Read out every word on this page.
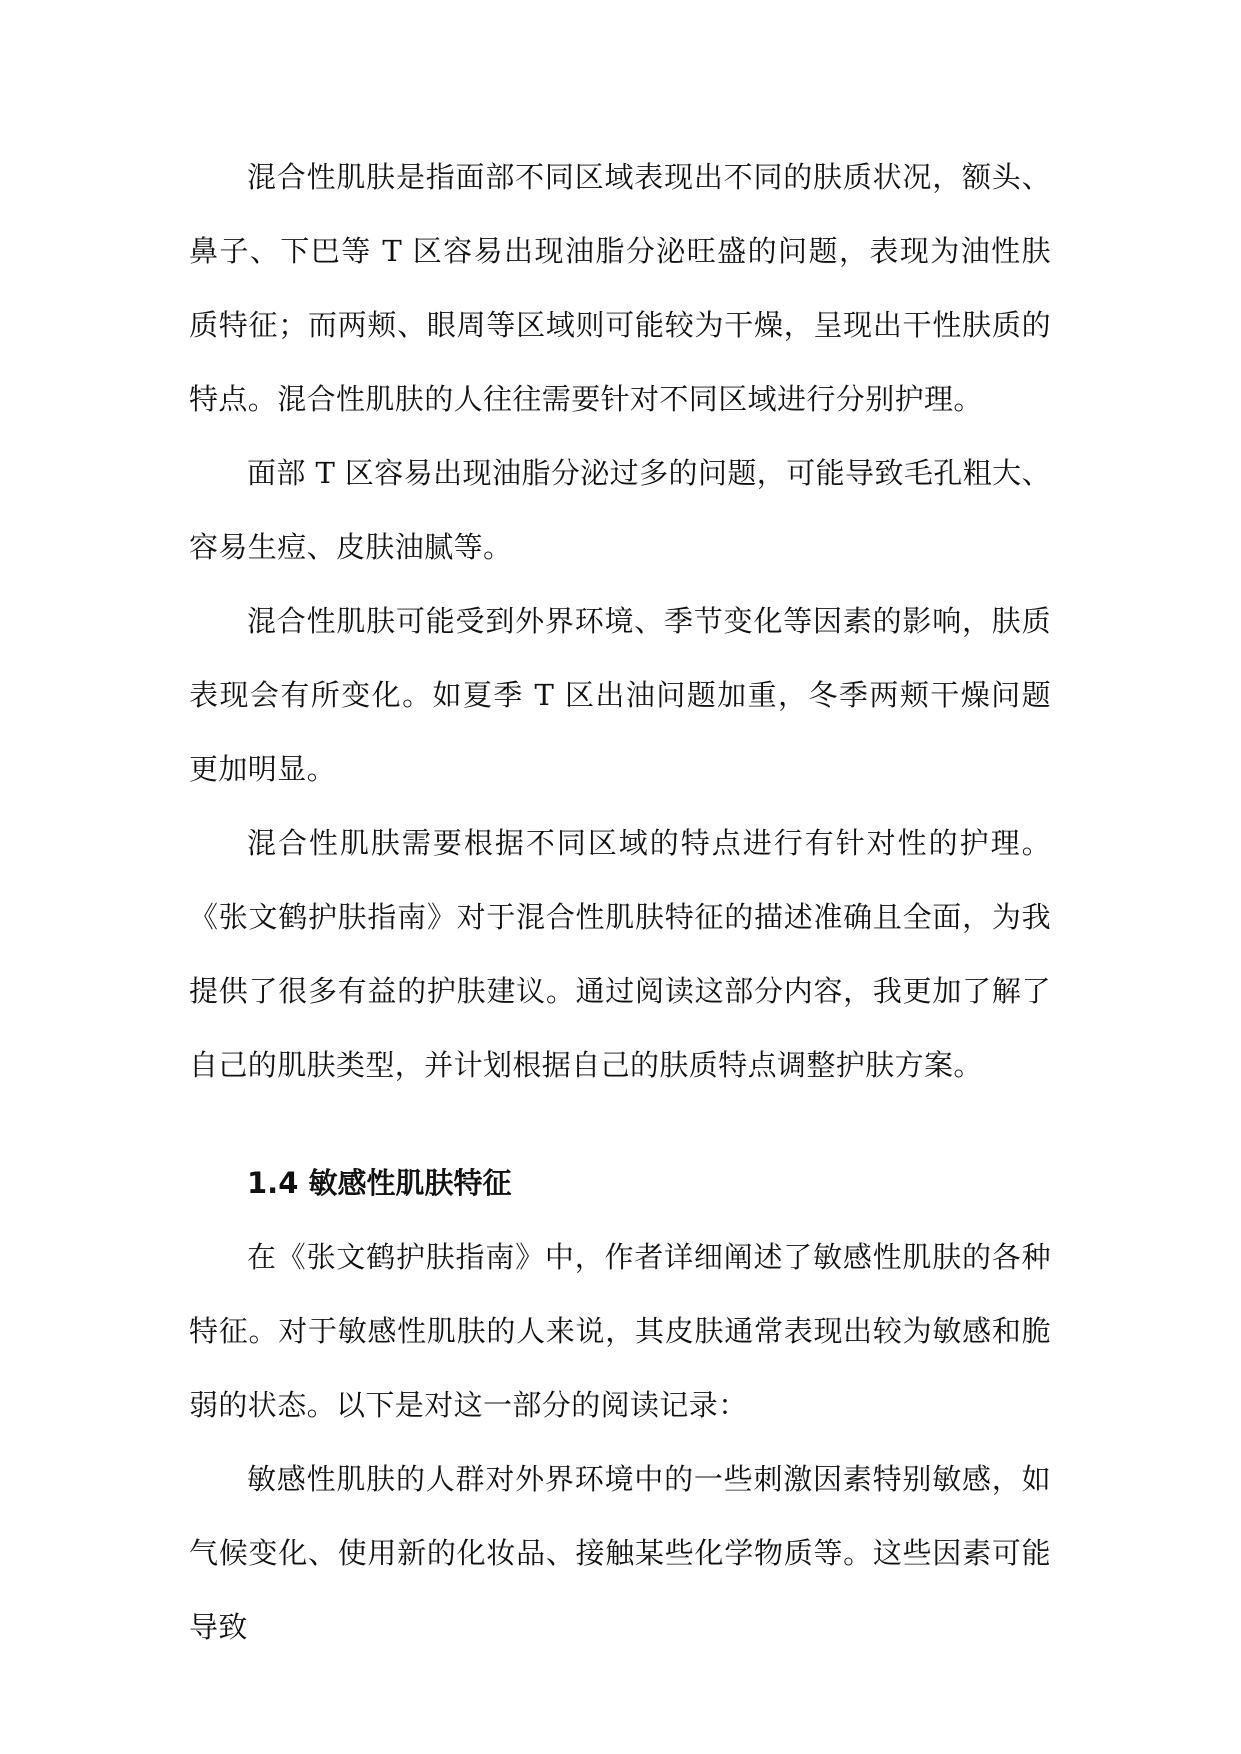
混合性肌肤是指面部不同区域表现出不同的肤质状况，额头、鼻子、下巴等 T 区容易出现油脂分泌旺盛的问题，表现为油性肤质特征；而两颊、眼周等区域则可能较为干燥，呈现出干性肤质的特点。混合性肌肤的人往往需要针对不同区域进行分别护理。

面部 T 区容易出现油脂分泌过多的问题，可能导致毛孔粗大、容易生痘、皮肤油腻等。

混合性肌肤可能受到外界环境、季节变化等因素的影响，肤质表现会有所变化。如夏季 T 区出油问题加重，冬季两颊干燥问题更加明显。

混合性肌肤需要根据不同区域的特点进行有针对性的护理。《张文鹤护肤指南》对于混合性肌肤特征的描述准确且全面，为我提供了很多有益的护肤建议。通过阅读这部分内容，我更加了解了自己的肌肤类型，并计划根据自己的肤质特点调整护肤方案。

1.4 敏感性肌肤特征

在《张文鹤护肤指南》中，作者详细阐述了敏感性肌肤的各种特征。对于敏感性肌肤的人来说，其皮肤通常表现出较为敏感和脆弱的状态。以下是对这一部分的阅读记录：

敏感性肌肤的人群对外界环境中的一些刺激因素特别敏感，如气候变化、使用新的化妆品、接触某些化学物质等。这些因素可能导致
